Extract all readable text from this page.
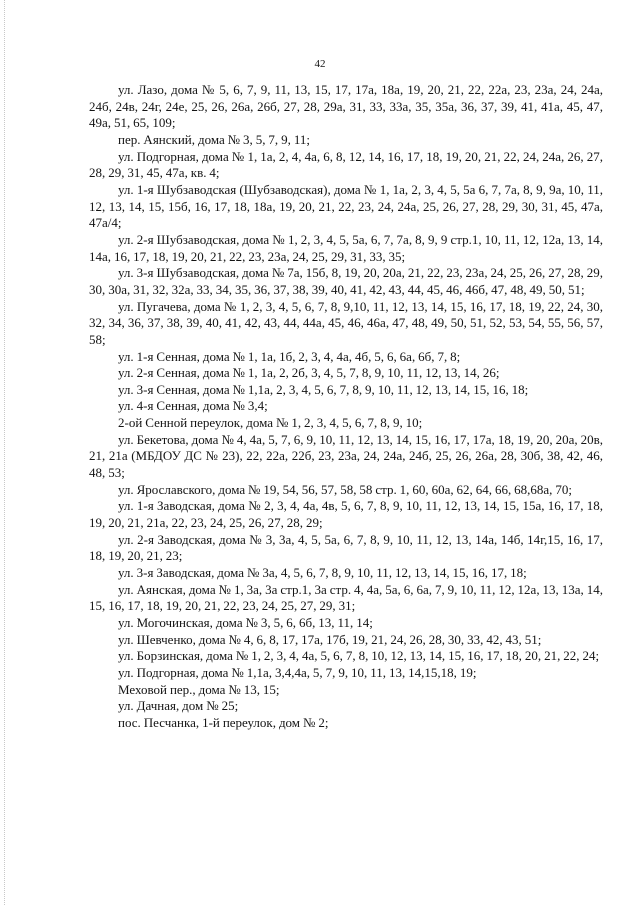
42

ул. Лазо, дома № 5, 6, 7, 9, 11, 13, 15, 17, 17а, 18а, 19, 20, 21, 22, 22а, 23, 23а, 24, 24а, 24б, 24в, 24г, 24е, 25, 26, 26а, 26б, 27, 28, 29а, 31, 33, 33а, 35, 35а, 36, 37, 39, 41, 41а, 45, 47, 49а, 51, 65, 109;

пер. Аянский, дома № 3, 5, 7, 9, 11;

ул. Подгорная, дома № 1, 1а, 2, 4, 4а, 6, 8, 12, 14, 16, 17, 18, 19, 20, 21, 22, 24, 24а, 26, 27, 28, 29, 31, 45, 47а, кв. 4;

ул. 1-я Шубзаводская (Шубзаводская), дома № 1, 1а, 2, 3, 4, 5, 5а 6, 7, 7а, 8, 9, 9а, 10, 11, 12, 13, 14, 15, 15б, 16, 17, 18, 18а, 19, 20, 21, 22, 23, 24, 24а, 25, 26, 27, 28, 29, 30, 31, 45, 47а, 47а/4;

ул. 2-я Шубзаводская, дома № 1, 2, 3, 4, 5, 5а, 6, 7, 7а, 8, 9, 9 стр.1, 10, 11, 12, 12а, 13, 14, 14а, 16, 17, 18, 19, 20, 21, 22, 23, 23а, 24, 25, 29, 31, 33, 35;

ул. 3-я Шубзаводская, дома № 7а, 15б, 8, 19, 20, 20а, 21, 22, 23, 23а, 24, 25, 26, 27, 28, 29, 30, 30а, 31, 32, 32а, 33, 34, 35, 36, 37, 38, 39, 40, 41, 42, 43, 44, 45, 46, 46б, 47, 48, 49, 50, 51;

ул. Пугачева, дома № 1, 2, 3, 4, 5, 6, 7, 8, 9,10, 11, 12, 13, 14, 15, 16, 17, 18, 19, 22, 24, 30, 32, 34, 36, 37, 38, 39, 40, 41, 42, 43, 44, 44а, 45, 46, 46а, 47, 48, 49, 50, 51, 52, 53, 54, 55, 56, 57, 58;

ул. 1-я Сенная, дома № 1, 1а, 1б, 2, 3, 4, 4а, 4б, 5, 6, 6а, 6б, 7, 8;

ул. 2-я Сенная, дома № 1, 1а, 2, 2б, 3, 4, 5, 7, 8, 9, 10, 11, 12, 13, 14, 26;

ул. 3-я Сенная, дома № 1,1а, 2, 3, 4, 5, 6, 7, 8, 9, 10, 11, 12, 13, 14, 15, 16, 18;

ул. 4-я Сенная, дома № 3,4;

2-ой Сенной переулок, дома № 1, 2, 3, 4, 5, 6, 7, 8, 9, 10;

ул. Бекетова, дома № 4, 4а, 5, 7, 6, 9, 10, 11, 12, 13, 14, 15, 16, 17, 17а, 18, 19, 20, 20а, 20в, 21, 21а (МБДОУ ДС № 23), 22, 22а, 22б, 23, 23а, 24, 24а, 24б, 25, 26, 26а, 28, 30б, 38, 42, 46, 48, 53;

ул. Ярославского, дома № 19, 54, 56, 57, 58, 58 стр. 1, 60, 60а, 62, 64, 66, 68,68а, 70;

ул. 1-я Заводская, дома № 2, 3, 4, 4а, 4в, 5, 6, 7, 8, 9, 10, 11, 12, 13, 14, 15, 15а, 16, 17, 18, 19, 20, 21, 21а, 22, 23, 24, 25, 26, 27, 28, 29;

ул. 2-я Заводская, дома № 3, 3а, 4, 5, 5а, 6, 7, 8, 9, 10, 11, 12, 13, 14а, 14б, 14г,15, 16, 17, 18, 19, 20, 21, 23;

ул. 3-я Заводская, дома № 3а, 4, 5, 6, 7, 8, 9, 10, 11, 12, 13, 14, 15, 16, 17, 18;

ул. Аянская, дома № 1, 3а, 3а стр.1, 3а стр. 4, 4а, 5а, 6, 6а, 7, 9, 10, 11, 12, 12а, 13, 13а, 14, 15, 16, 17, 18, 19, 20, 21, 22, 23, 24, 25, 27, 29, 31;

ул. Могочинская, дома № 3, 5, 6, 6б, 13, 11, 14;

ул. Шевченко, дома № 4, 6, 8, 17, 17а, 17б, 19, 21, 24, 26, 28, 30, 33, 42, 43, 51;

ул. Борзинская, дома № 1, 2, 3, 4, 4а, 5, 6, 7, 8, 10, 12, 13, 14, 15, 16, 17, 18, 20, 21, 22, 24;

ул. Подгорная, дома № 1,1а, 3,4,4а, 5, 7, 9, 10, 11, 13, 14,15,18, 19;

Меховой пер., дома № 13, 15;

ул. Дачная, дом № 25;

пос. Песчанка, 1-й переулок, дом № 2;
